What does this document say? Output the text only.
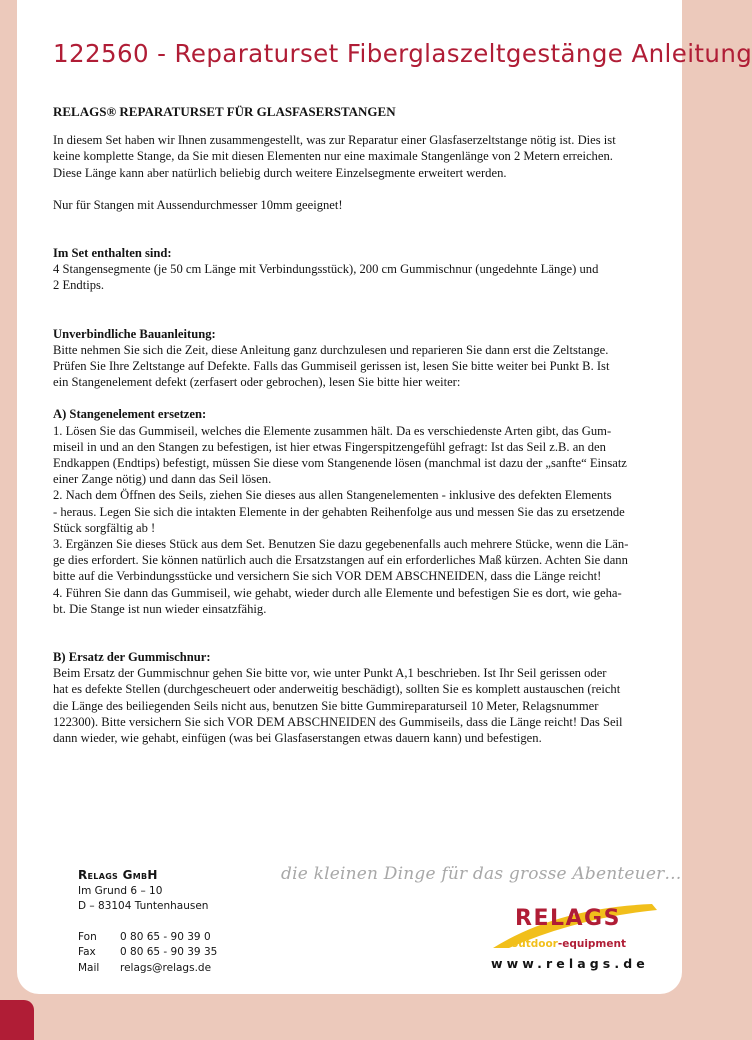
122560 - Reparaturset Fiberglaszeltgestänge Anleitung

RELAGS® REPARATURSET FÜR GLASFASERSTANGEN

In diesem Set haben wir Ihnen zusammengestellt, was zur Reparatur einer Glasfaserzeltstange nötig ist. Dies ist
keine komplette Stange, da Sie mit diesen Elementen nur eine maximale Stangenlänge von 2 Metern erreichen.
Diese Länge kann aber natürlich beliebig durch weitere Einzelsegmente erweitert werden.

Nur für Stangen mit Aussendurchmesser 10mm geeignet!

Im Set enthalten sind:

4 Stangensegmente (je 50 cm Länge mit Verbindungsstück), 200 cm Gummischnur (ungedehnte Länge) und
2 Endtips.

Unverbindliche Bauanleitung:

Bitte nehmen Sie sich die Zeit, diese Anleitung ganz durchzulesen und reparieren Sie dann erst die Zeltstange.
Prüfen Sie Ihre Zeltstange auf Defekte. Falls das Gummiseil gerissen ist, lesen Sie bitte weiter bei Punkt B. Ist
ein Stangenelement defekt (zerfasert oder gebrochen), lesen Sie bitte hier weiter:

A) Stangenelement ersetzen:

1. Lösen Sie das Gummiseil, welches die Elemente zusammen hält. Da es verschiedenste Arten gibt, das Gum-
miseil in und an den Stangen zu befestigen, ist hier etwas Fingerspitzengefühl gefragt: Ist das Seil z.B. an den
Endkappen (Endtips) befestigt, müssen Sie diese vom Stangenende lösen (manchmal ist dazu der „sanfte“ Einsatz
einer Zange nötig) und dann das Seil lösen.
2. Nach dem Öffnen des Seils, ziehen Sie dieses aus allen Stangenelementen - inklusive des defekten Elements
- heraus. Legen Sie sich die intakten Elemente in der gehabten Reihenfolge aus und messen Sie das zu ersetzende
Stück sorgfältig ab !
3. Ergänzen Sie dieses Stück aus dem Set. Benutzen Sie dazu gegebenenfalls auch mehrere Stücke, wenn die Län-
ge dies erfordert. Sie können natürlich auch die Ersatzstangen auf ein erforderliches Maß kürzen. Achten Sie dann
bitte auf die Verbindungsstücke und versichern Sie sich VOR DEM ABSCHNEIDEN, dass die Länge reicht!
4. Führen Sie dann das Gummiseil, wie gehabt, wieder durch alle Elemente und befestigen Sie es dort, wie geha-
bt. Die Stange ist nun wieder einsatzfähig.

B) Ersatz der Gummischnur:

Beim Ersatz der Gummischnur gehen Sie bitte vor, wie unter Punkt A,1 beschrieben. Ist Ihr Seil gerissen oder
hat es defekte Stellen (durchgescheuert oder anderweitig beschädigt), sollten Sie es komplett austauschen (reicht
die Länge des beiliegenden Seils nicht aus, benutzen Sie bitte Gummireparaturseil 10 Meter, Relagsnummer
122300). Bitte versichern Sie sich VOR DEM ABSCHNEIDEN des Gummiseils, dass die Länge reicht! Das Seil
dann wieder, wie gehabt, einfügen (was bei Glasfaserstangen etwas dauern kann) und befestigen.

Relags GmbH
Im Grund 6 – 10
D – 83104 Tuntenhausen
Fon	0 80 65 - 90 39 0
Fax	0 80 65 - 90 39 35
Mail	relags@relags.de
die kleinen Dinge für das grosse Abenteuer…
RELAGS
outdoor-equipment
www.relags.de
